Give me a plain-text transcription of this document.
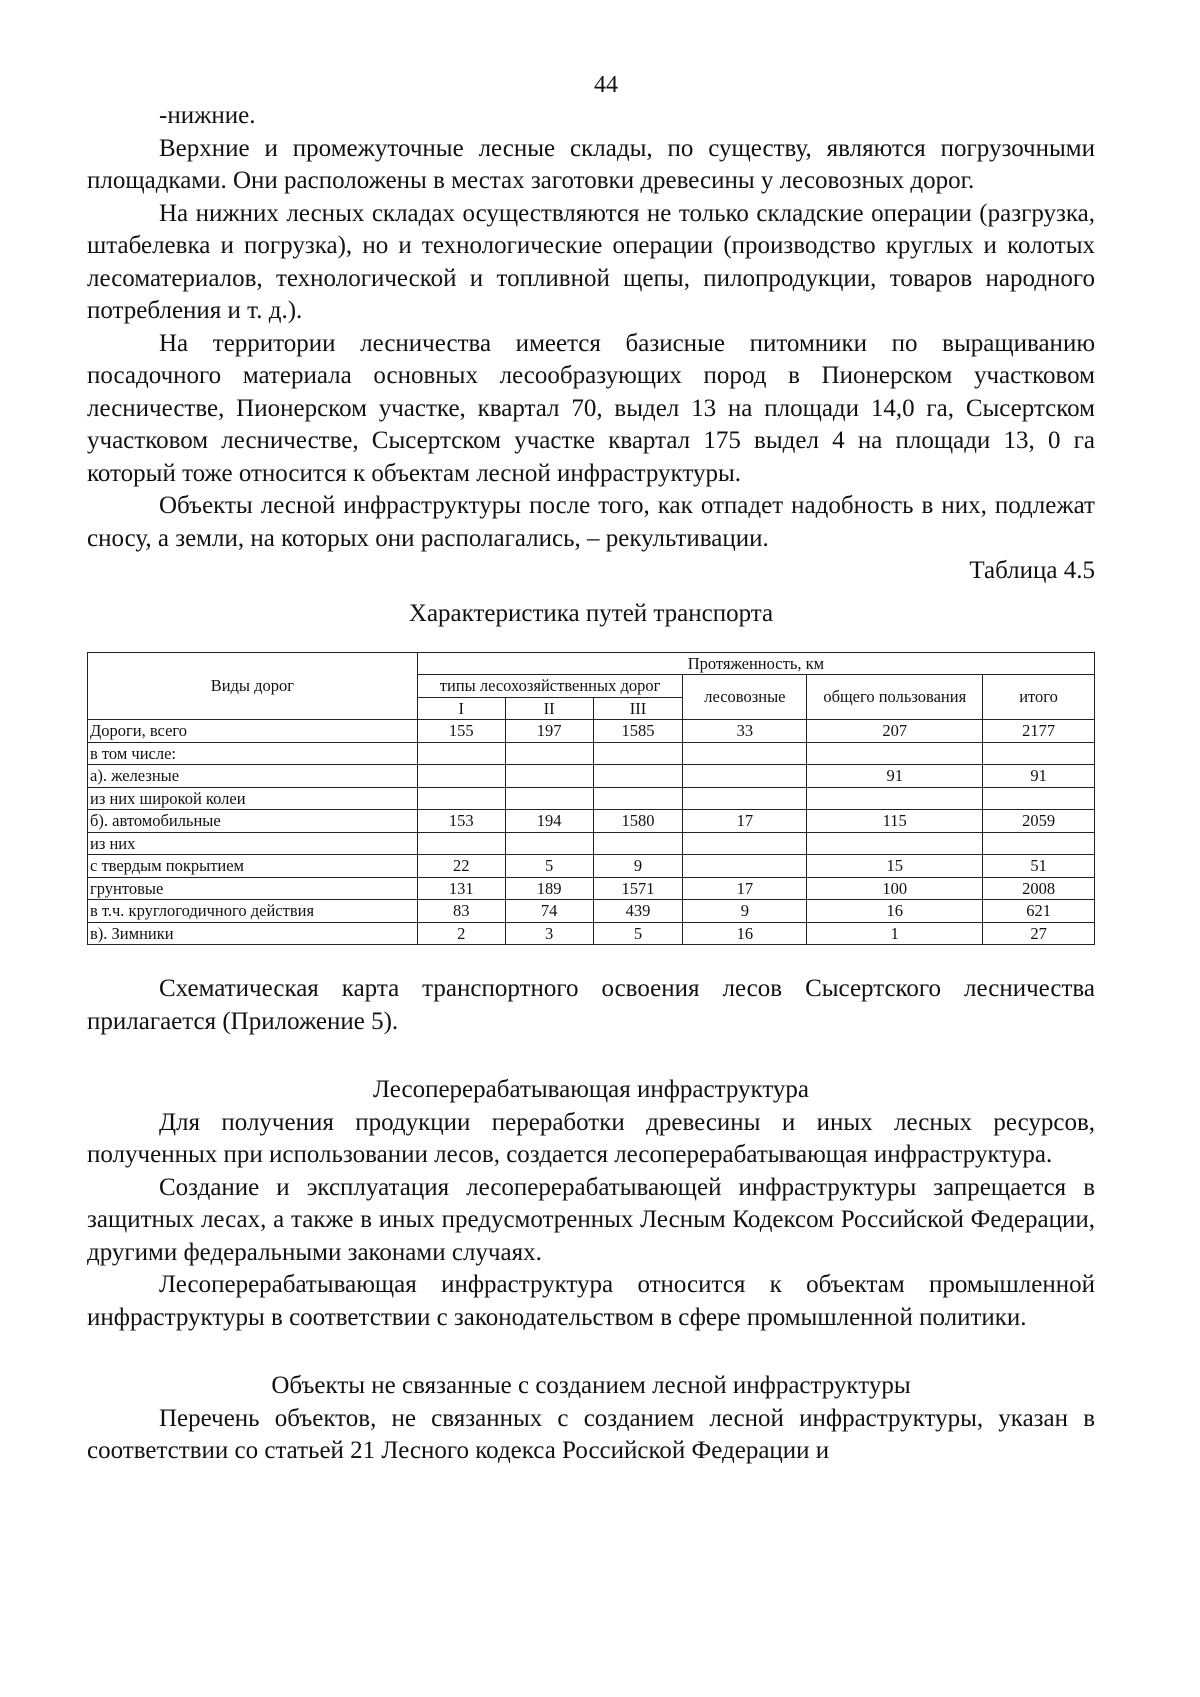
44

-нижние.

Верхние и промежуточные лесные склады, по существу, являются погрузочными площадками. Они расположены в местах заготовки древесины у лесовозных дорог.

На нижних лесных складах осуществляются не только складские операции (разгрузка, штабелевка и погрузка), но и технологические операции (производство круглых и колотых лесоматериалов, технологической и топливной щепы, пилопродукции, товаров народного потребления и т. д.).

На территории лесничества имеется базисные питомники по выращиванию посадочного материала основных лесообразующих пород в Пионерском участковом лесничестве, Пионерском участке, квартал 70, выдел 13 на площади 14,0 га, Сысертском участковом лесничестве, Сысертском участке квартал 175 выдел 4 на площади 13, 0 га который тоже относится к объектам лесной инфраструктуры.

Объекты лесной инфраструктуры после того, как отпадет надобность в них, подлежат сносу, а земли, на которых они располагались, – рекультивации.

Таблица 4.5
Характеристика путей транспорта
Виды дорог	Протяженность, км					
	типы лесохозяйственных дорог			лесовозные	общего пользования	итого
	I	II	III			
Дороги, всего	155	197	1585	33	207	2177
в том числе:						
а). железные					91	91
из них широкой колеи						
б). автомобильные	153	194	1580	17	115	2059
из них						
с твердым покрытием	22	5	9		15	51
грунтовые	131	189	1571	17	100	2008
в т.ч. круглогодичного действия	83	74	439	9	16	621
в). Зимники	2	3	5	16	1	27

Схематическая карта транспортного освоения лесов Сысертского лесничества прилагается (Приложение 5).

Лесоперерабатывающая инфраструктура

Для получения продукции переработки древесины и иных лесных ресурсов, полученных при использовании лесов, создается лесоперерабатывающая инфраструктура.

Создание и эксплуатация лесоперерабатывающей инфраструктуры запрещается в защитных лесах, а также в иных предусмотренных Лесным Кодексом Российской Федерации, другими федеральными законами случаях.

Лесоперерабатывающая инфраструктура относится к объектам промышленной инфраструктуры в соответствии с законодательством в сфере промышленной политики.

Объекты не связанные с созданием лесной инфраструктуры

Перечень объектов, не связанных с созданием лесной инфраструктуры, указан в соответствии со статьей 21 Лесного кодекса Российской Федерации и
